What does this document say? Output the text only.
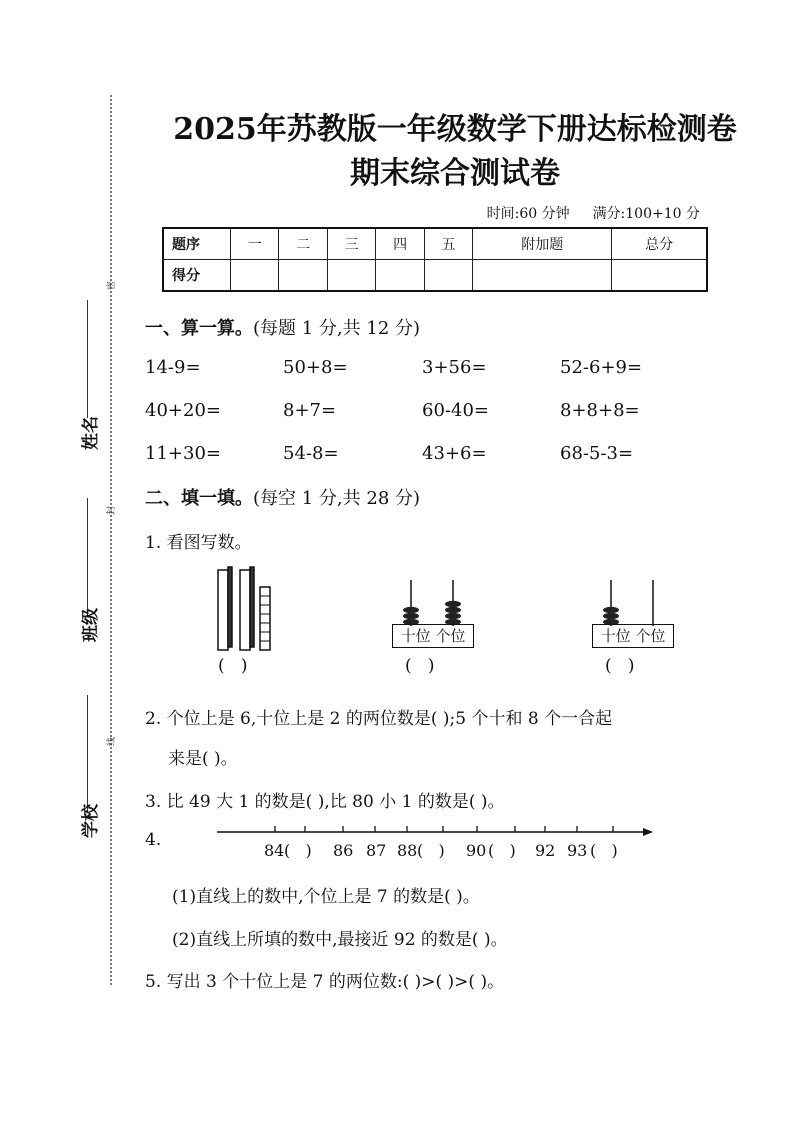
姓名
班级
学校
密
封
线
2025年苏教版一年级数学下册达标检测卷
期末综合测试卷
时间:60 分钟 满分:100+10 分
题序	一	二	三	四	五	附加题	总分
得分							
一、算一算。(每题 1 分,共 12 分)
14-9=	50+8=	3+56=	52-6+9=
40+20=	8+7=	60-40=	8+8+8=
11+30=	54-8=	43+6=	68-5-3=
二、填一填。(每空 1 分,共 28 分)
1. 看图写数。
(   )
十位 个位
(   )
十位 个位
(   )
2. 个位上是 6,十位上是 2 的两位数是( );5 个十和 8 个一合起
来是( )。
3. 比 49 大 1 的数是( ),比 80 小 1 的数是( )。
4.
84 (   ) 86 87 88 (   ) 90 (   ) 92 93 (   )
(1)直线上的数中,个位上是 7 的数是( )。
(2)直线上所填的数中,最接近 92 的数是( )。
5. 写出 3 个十位上是 7 的两位数:( )>( )>( )。
